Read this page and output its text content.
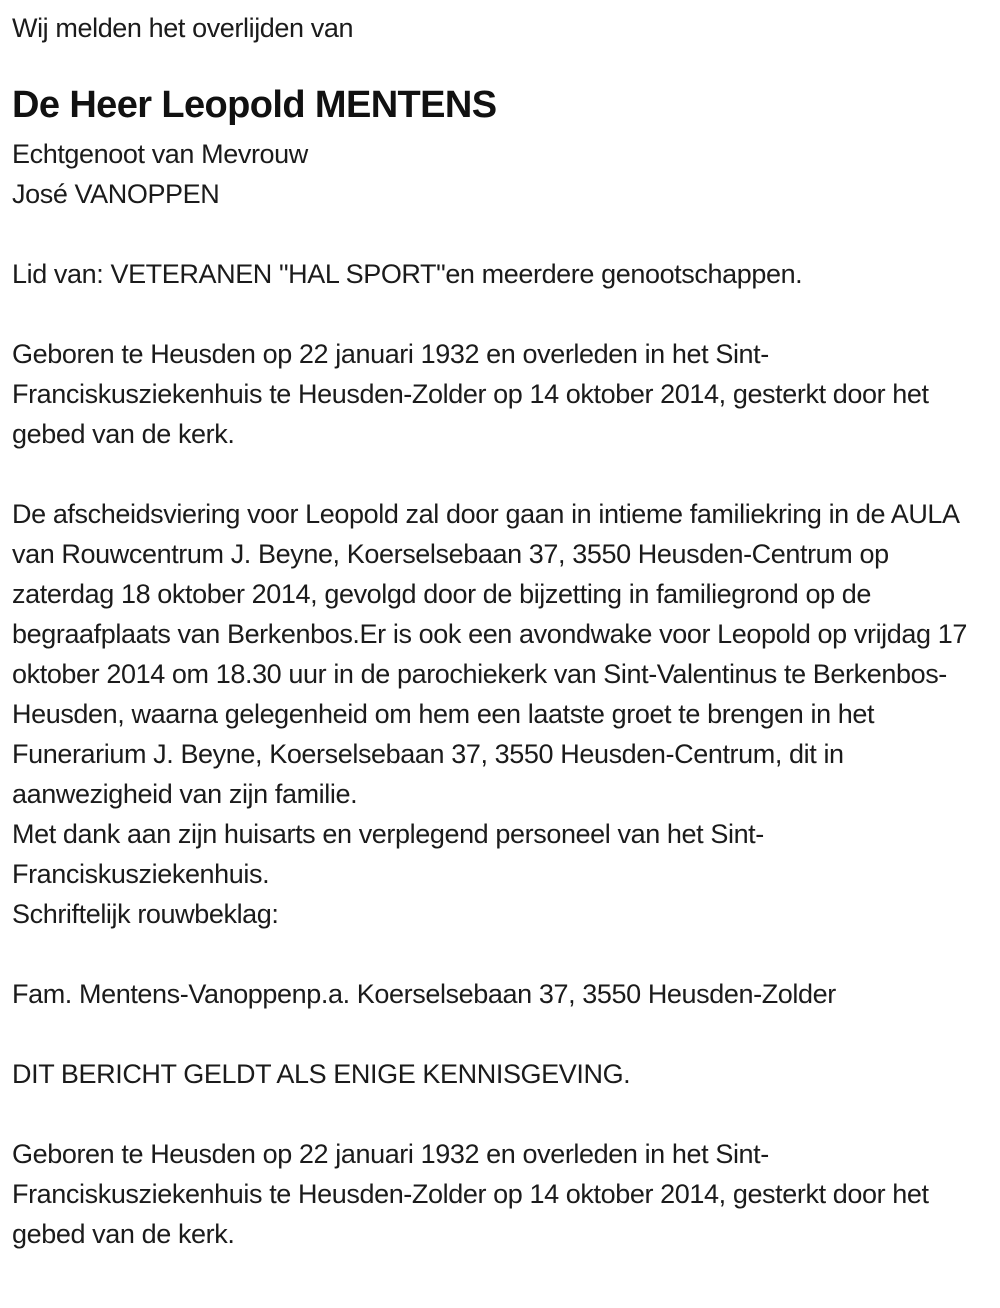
Wij melden het overlijden van

De Heer Leopold MENTENS

Echtgenoot van Mevrouw

José VANOPPEN

Lid van: VETERANEN "HAL SPORT"en meerdere genootschappen.

Geboren te Heusden op 22 januari 1932 en overleden in het Sint-Franciskusziekenhuis te Heusden-Zolder op 14 oktober 2014, gesterkt door het gebed van de kerk.

De afscheidsviering voor Leopold zal door gaan in intieme familiekring in de AULA van Rouwcentrum J. Beyne, Koerselsebaan 37, 3550 Heusden-Centrum op zaterdag 18 oktober 2014, gevolgd door de bijzetting in familiegrond op de begraafplaats van Berkenbos.Er is ook een avondwake voor Leopold op vrijdag 17 oktober 2014 om 18.30 uur in de parochiekerk van Sint-Valentinus te Berkenbos-Heusden, waarna gelegenheid om hem een laatste groet te brengen in het Funerarium J. Beyne, Koerselsebaan 37, 3550 Heusden-Centrum, dit in aanwezigheid van zijn familie.

Met dank aan zijn huisarts en verplegend personeel van het Sint-Franciskusziekenhuis.

Schriftelijk rouwbeklag:

Fam. Mentens-Vanoppenp.a. Koerselsebaan 37, 3550 Heusden-Zolder

DIT BERICHT GELDT ALS ENIGE KENNISGEVING.

Geboren te Heusden op 22 januari 1932 en overleden in het Sint-Franciskusziekenhuis te Heusden-Zolder op 14 oktober 2014, gesterkt door het gebed van de kerk.
